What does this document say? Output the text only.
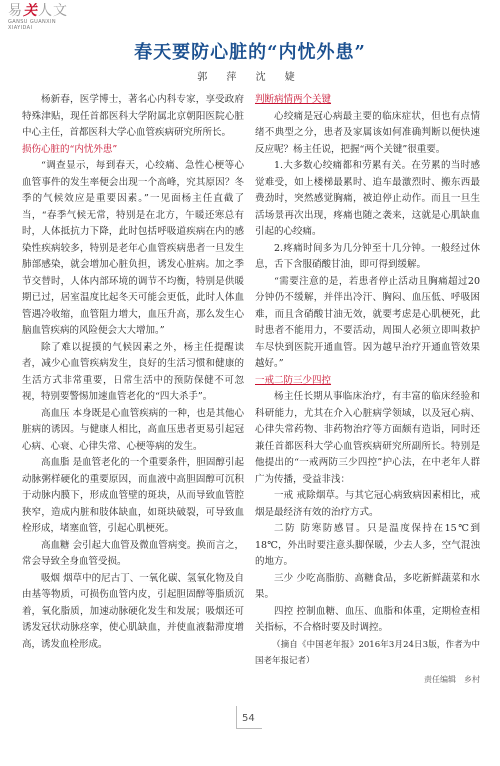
易关人文
GANSU GUANXIN
XIAYIDAI
春天要防心脏的“内忧外患”
郭 萍 沈 婕

杨新春，医学博士，著名心内科专家，享受政府特殊津贴，现任首都医科大学附属北京朝阳医院心脏中心主任，首都医科大学心血管疾病研究所所长。

损伤心脏的“内忧外患”

“调查显示，每到春天，心绞痛、急性心梗等心血管事件的发生率便会出现一个高峰，究其原因？冬季的气候效应是重要因素。”一见面杨主任直截了当，“春季气候无常，特别是在北方，午暖还寒总有时，人体抵抗力下降，此时包括呼吸道疾病在内的感染性疾病较多，特别是老年心血管疾病患者一旦发生肺部感染，就会增加心脏负担，诱发心脏病。加之季节交替时，人体内部环境的调节不均衡，特别是供暖期已过，居室温度比起冬天可能会更低，此时人体血管遇冷收缩，血管阻力增大，血压升高，那么发生心脑血管疾病的风险便会大大增加。”

除了难以捉摸的气候因素之外，杨主任提醒读者，减少心血管疾病发生，良好的生活习惯和健康的生活方式非常重要，日常生活中的预防保健不可忽视，特别要警惕加速血管老化的“四大杀手”。

高血压 本身既是心血管疾病的一种，也是其他心脏病的诱因。与健康人相比，高血压患者更易引起冠心病、心衰、心律失常、心梗等病的发生。

高血脂 是血管老化的一个重要条件，胆固醇引起动脉粥样硬化的重要原因，而血液中高胆固醇可沉积于动脉内膜下，形成血管壁的斑块，从而导致血管腔狭窄，造成内脏和肢体缺血，如斑块破裂，可导致血栓形成，堵塞血管，引起心肌梗死。

高血糖 会引起大血管及微血管病变。换而言之，常会导致全身血管受损。

吸烟 烟草中的尼古丁、一氧化碳、氢氧化物及自由基等物质，可损伤血管内皮，引起胆固醇等脂质沉着，氧化脂质，加速动脉硬化发生和发展；吸烟还可诱发冠状动脉痉挛，使心肌缺血，并使血液黏滞度增高，诱发血栓形成。

判断病情两个关键

心绞痛是冠心病最主要的临床症状，但也有点情绪不典型之分，患者及家属该如何准确判断以便快速反应呢？杨主任说，把握“两个关键”很重要。

1.大多数心绞痛都和劳累有关。在劳累的当时感觉难受，如上楼梯最累时、追车最激烈时、搬东西最费劲时，突然感觉胸痛，被迫停止动作。而且一旦生活场景再次出现，疼痛也随之袭来，这就是心肌缺血引起的心绞痛。

2.疼痛时间多为几分钟至十几分钟。一般经过休息，舌下含服硝酸甘油，即可得到缓解。

“需要注意的是，若患者停止活动且胸痛超过20分钟仍不缓解，并伴出冷汗、胸闷、血压低、呼吸困难，而且含硝酸甘油无效，就要考虑是心肌梗死，此时患者不能用力，不要活动，周围人必须立即叫救护车尽快到医院开通血管。因为越早治疗开通血管效果越好。”

一戒二防三少四控

杨主任长期从事临床治疗，有丰富的临床经验和科研能力，尤其在介入心脏病学领域，以及冠心病、心律失常药物、非药物治疗等方面颇有造诣，同时还兼任首都医科大学心血管疾病研究所副所长。特别是他提出的“一戒两防三少四控”护心法，在中老年人群广为传播，受益非浅：

一戒 戒除烟草。与其它冠心病致病因素相比，戒烟是最经济有效的治疗方式。

二防 防寒防感冒。只是温度保持在15℃到18℃，外出时要注意头脚保暖，少去人多，空气混浊的地方。

三少 少吃高脂肪、高糖食品，多吃新鲜蔬菜和水果。

四控 控制血糖、血压、血脂和体重，定期检查相关指标，不合格时要及时调控。

（摘自《中国老年报》2016年3月24日3版，作者为中国老年报记者）

责任编辑　乡村
54
